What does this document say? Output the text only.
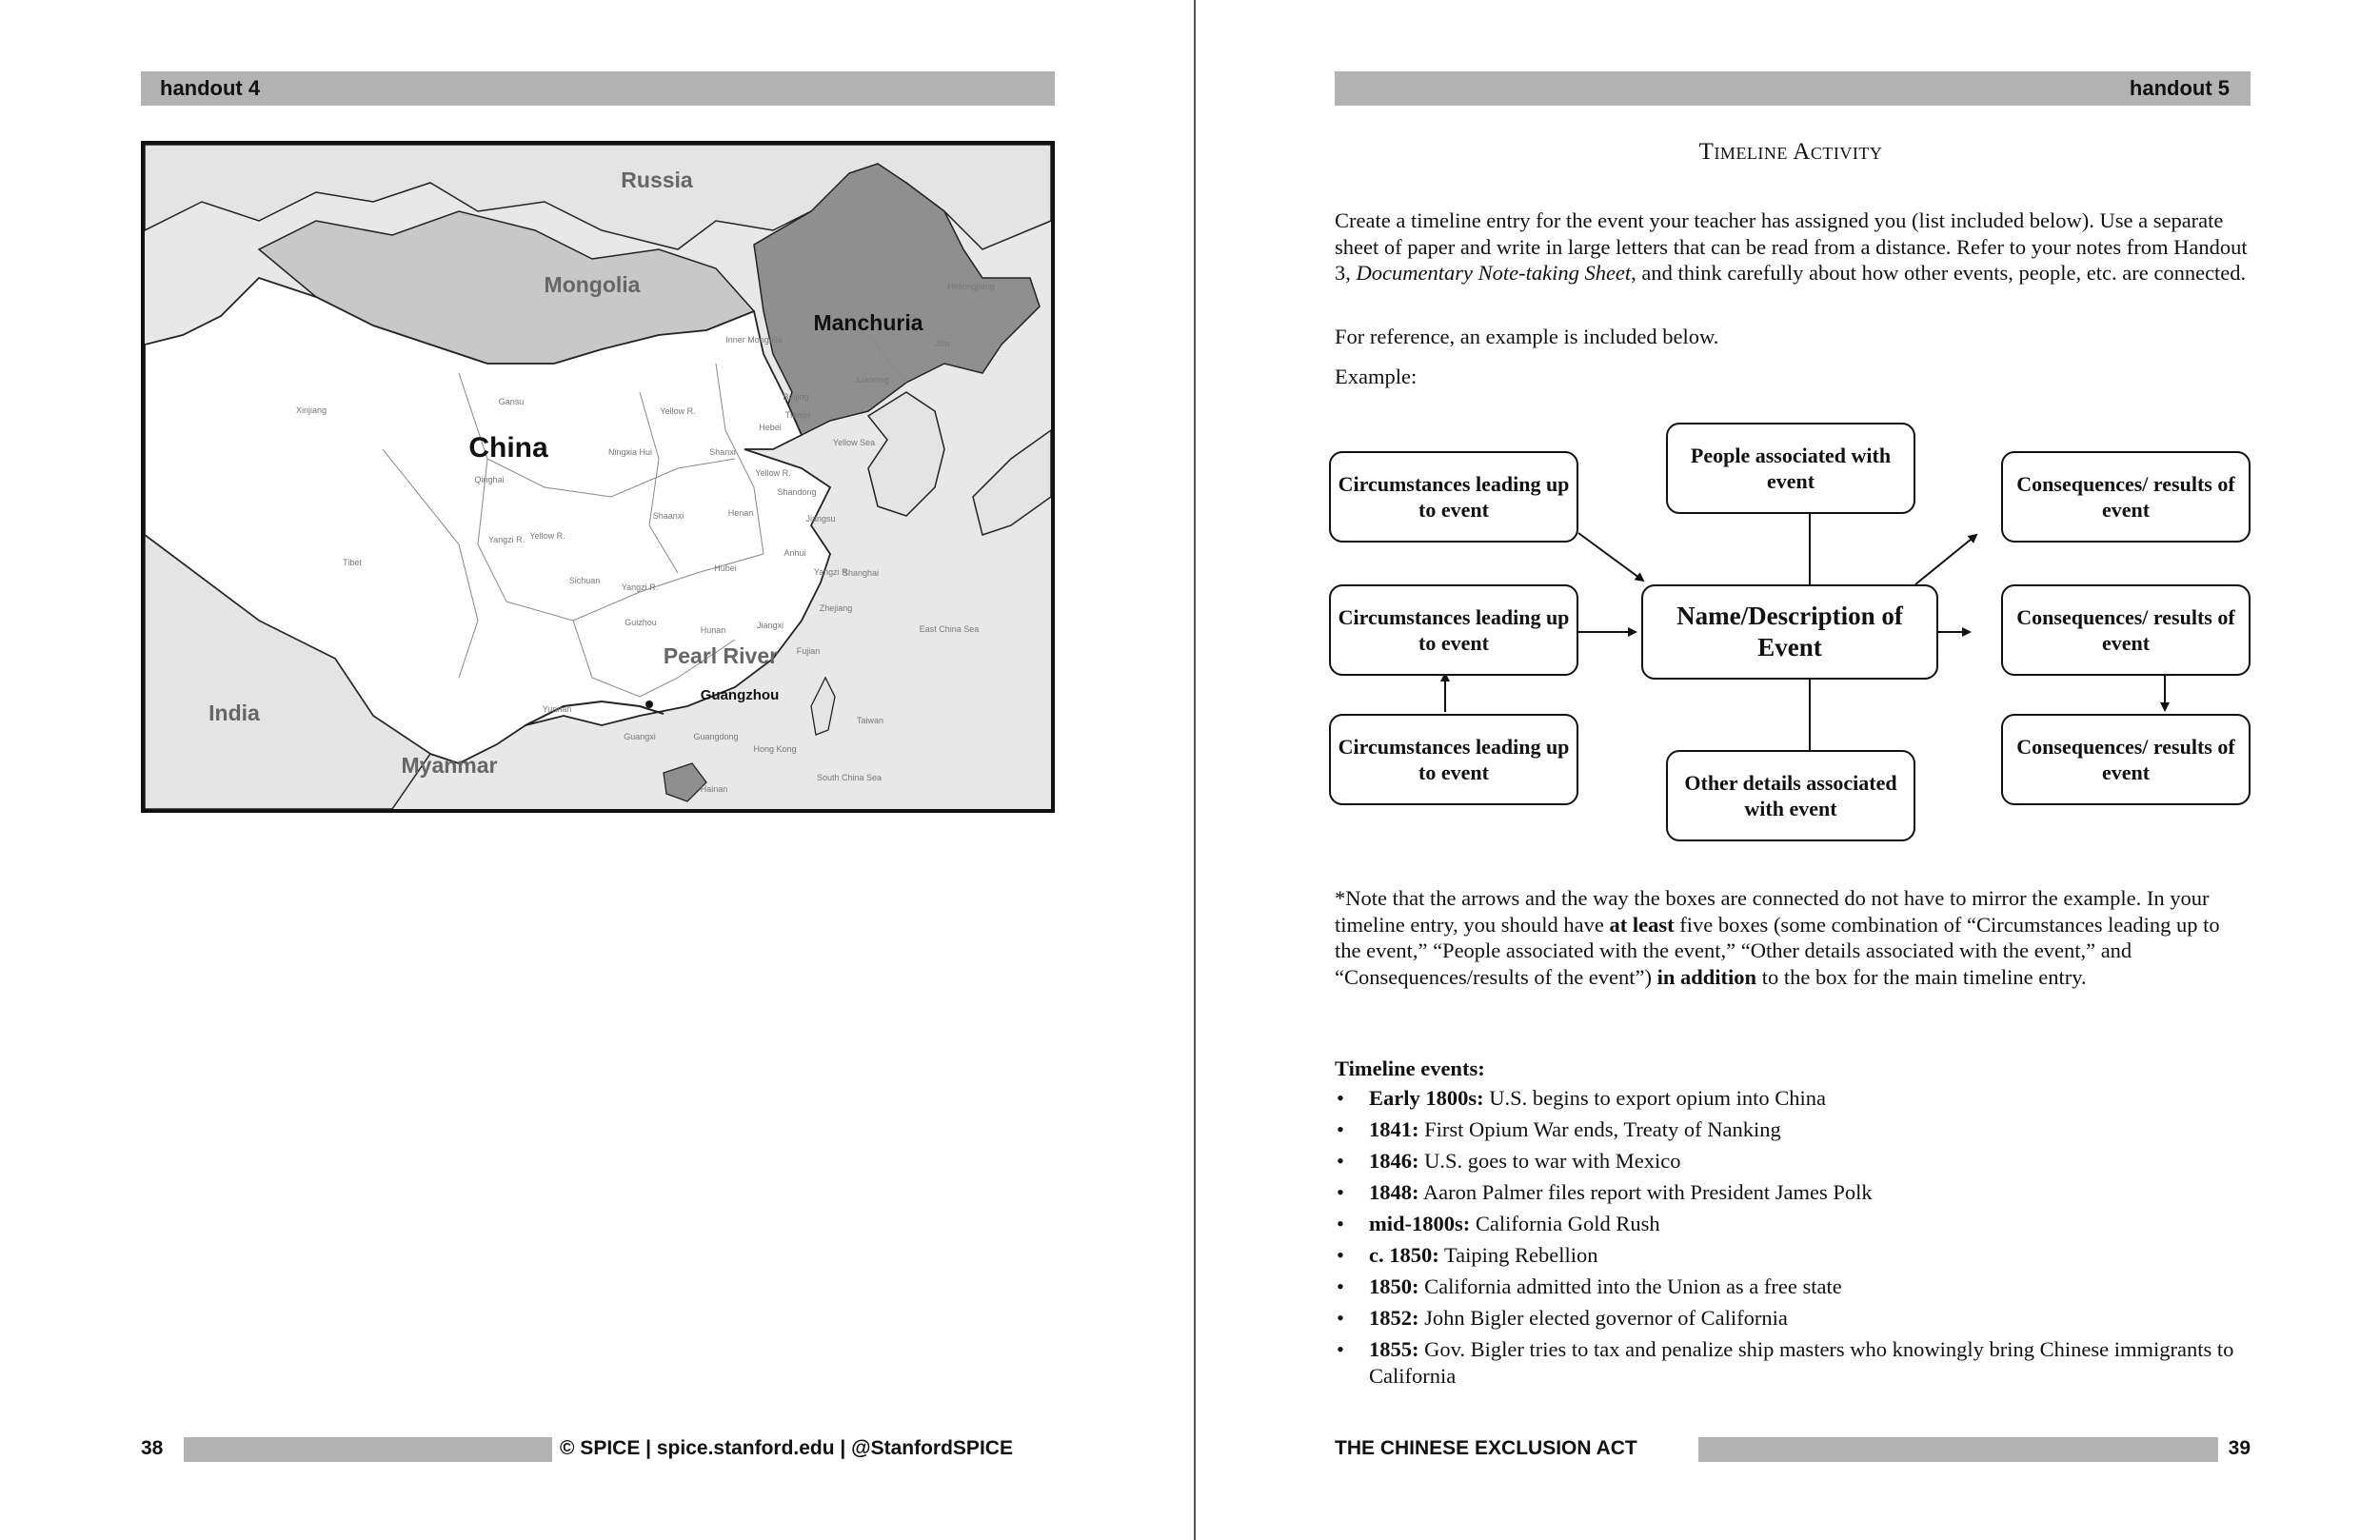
handout 4
Russia
Mongolia
Manchuria
China
India
Myanmar
Pearl River
Guangzhou
Inner Mongolia
Xinjiang
Gansu
Qinghai
Tibet
Sichuan
Yunnan
Guizhou
Hubei
Hunan
Henan
Shaanxi
Shanxi
Hebei
Beijing
Tianjin
Shandong
Jiangsu
Anhui
Zhejiang
Jiangxi
Fujian
Guangdong
Guangxi
Hainan
Hong Kong
Taiwan
Liaoning
Jilin
Heilongjiang
Ningxia Hui
Shanghai
Yellow Sea
East China Sea
South China Sea
Yellow R.
Yellow R.
Yellow R.
Yangzi R.
Yangzi R.
Yangzi R.
38	© SPICE | spice.stanford.edu | @StanfordSPICE
handout 5
Timeline Activity
Create a timeline entry for the event your teacher has assigned you (list included below). Use a separate sheet of paper and write in large letters that can be read from a distance. Refer to your notes from Handout 3, Documentary Note-taking Sheet, and think carefully about how other events, people, etc. are connected.
For reference, an example is included below.
Example:
Circumstances leading up to event
Circumstances leading up to event
Circumstances leading up to event
People associated with event
Name/Description of Event
Other details associated with event
Consequences/ results of event
Consequences/ results of event
Consequences/ results of event
*Note that the arrows and the way the boxes are connected do not have to mirror the example. In your timeline entry, you should have at least five boxes (some combination of “Circumstances leading up to the event,” “People associated with the event,” “Other details associated with the event,” and “Consequences/results of the event”) in addition to the box for the main timeline entry.
Timeline events:
• Early 1800s: U.S. begins to export opium into China
• 1841: First Opium War ends, Treaty of Nanking
• 1846: U.S. goes to war with Mexico
• 1848: Aaron Palmer files report with President James Polk
• mid-1800s: California Gold Rush
• c. 1850: Taiping Rebellion
• 1850: California admitted into the Union as a free state
• 1852: John Bigler elected governor of California
• 1855: Gov. Bigler tries to tax and penalize ship masters who knowingly bring Chinese immigrants to California
THE CHINESE EXCLUSION ACT	39
